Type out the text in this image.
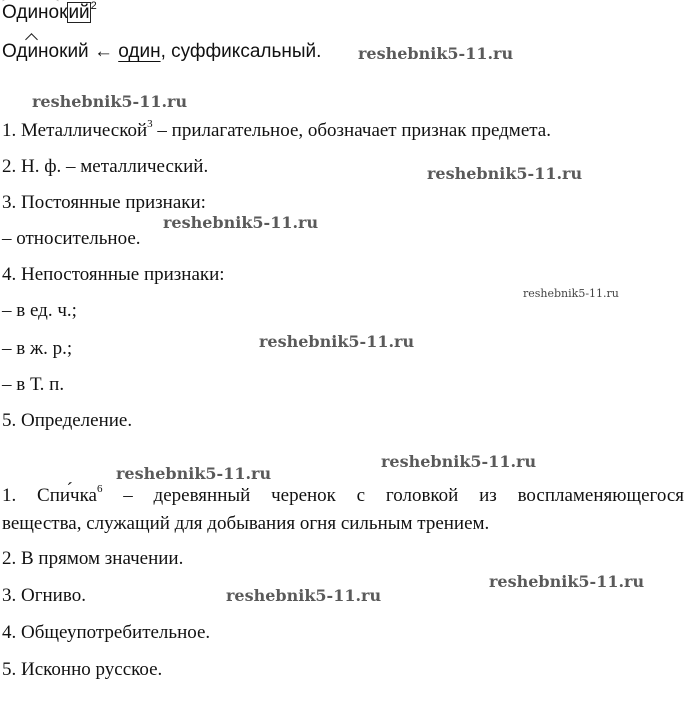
Одинокий$^2$
Одинокий ← один, суффиксальный.
1. Металлической$^3$ – прилагательное, обозначает признак предмета.
2. Н. ф. – металлический.
3. Постоянные признаки:
– относительное.
4. Непостоянные признаки:
– в ед. ч.;
– в ж. р.;
– в Т. п.
5. Определение.
1. Спич $́ка^6$ – деревянный черенок с головкой из воспламеняющегося
вещества, служащий для добывания огня сильным трением.
2. В прямом значении.
3. Огниво.
4. Общеупотребительное.
5. Исконно русское.
reshebnik5-11.ru
reshebnik5-11.ru
reshebnik5-11.ru
reshebnik5-11.ru
reshebnik5-11.ru
reshebnik5-11.ru
reshebnik5-11.ru
reshebnik5-11.ru
reshebnik5-11.ru
reshebnik5-11.ru
